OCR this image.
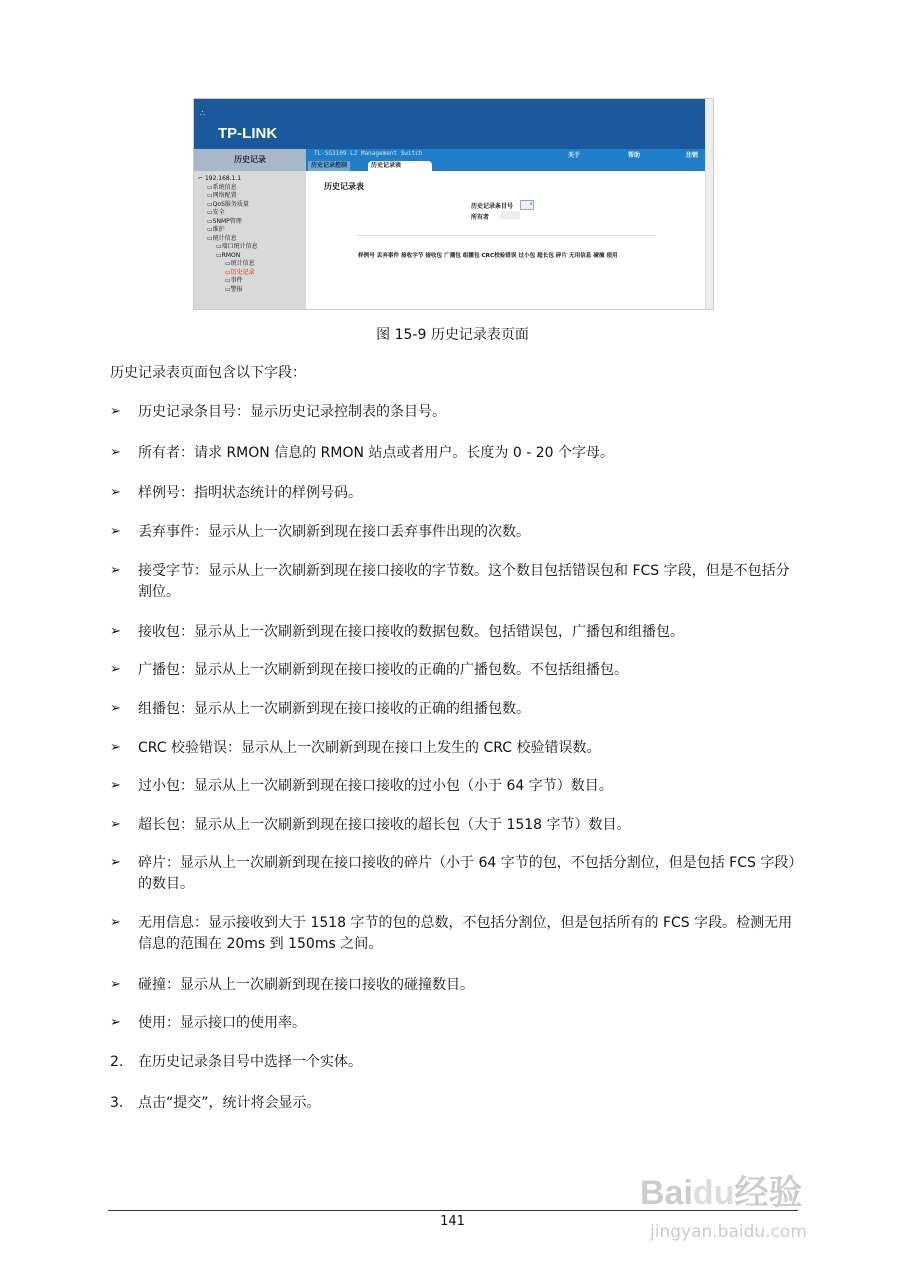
∴
TP-LINK
历史记录
TL-SG3109 L2 Management Switch	关于	帮助	注销
历史记录控制	历史记录表
⌐ 192.168.1.1
▭系统信息
▭网络配置
▭QoS服务质量
▭安全
▭SNMP管理
▭维护
▭统计信息
▭端口统计信息
▭RMON
▭统计信息
▭历史记录
▭事件
▭警报
历史记录表
历史记录条目号	∨
所有者
样例号 丢弃事件 接收字节 接收包 广播包 组播包 CRC校验错误 过小包 超长包 碎片 无用信息 碰撞 使用
图 15-9 历史记录表页面
历史记录表页面包含以下字段：
➢ 历史记录条目号：显示历史记录控制表的条目号。
➢ 所有者：请求 RMON 信息的 RMON 站点或者用户。长度为 0 - 20 个字母。
➢ 样例号：指明状态统计的样例号码。
➢ 丢弃事件：显示从上一次刷新到现在接口丢弃事件出现的次数。
➢ 接受字节：显示从上一次刷新到现在接口接收的字节数。这个数目包括错误包和 FCS 字段，但是不包括分割位。
➢ 接收包：显示从上一次刷新到现在接口接收的数据包数。包括错误包，广播包和组播包。
➢ 广播包：显示从上一次刷新到现在接口接收的正确的广播包数。不包括组播包。
➢ 组播包：显示从上一次刷新到现在接口接收的正确的组播包数。
➢ CRC 校验错误：显示从上一次刷新到现在接口上发生的 CRC 校验错误数。
➢ 过小包：显示从上一次刷新到现在接口接收的过小包（小于 64 字节）数目。
➢ 超长包：显示从上一次刷新到现在接口接收的超长包（大于 1518 字节）数目。
➢ 碎片：显示从上一次刷新到现在接口接收的碎片（小于 64 字节的包，不包括分割位，但是包括 FCS 字段）的数目。
➢ 无用信息：显示接收到大于 1518 字节的包的总数，不包括分割位，但是包括所有的 FCS 字段。检测无用信息的范围在 20ms 到 150ms 之间。
➢ 碰撞：显示从上一次刷新到现在接口接收的碰撞数目。
➢ 使用：显示接口的使用率。
2. 在历史记录条目号中选择一个实体。
3. 点击“提交”，统计将会显示。
141
Baidu经验
jingyan.baidu.com
